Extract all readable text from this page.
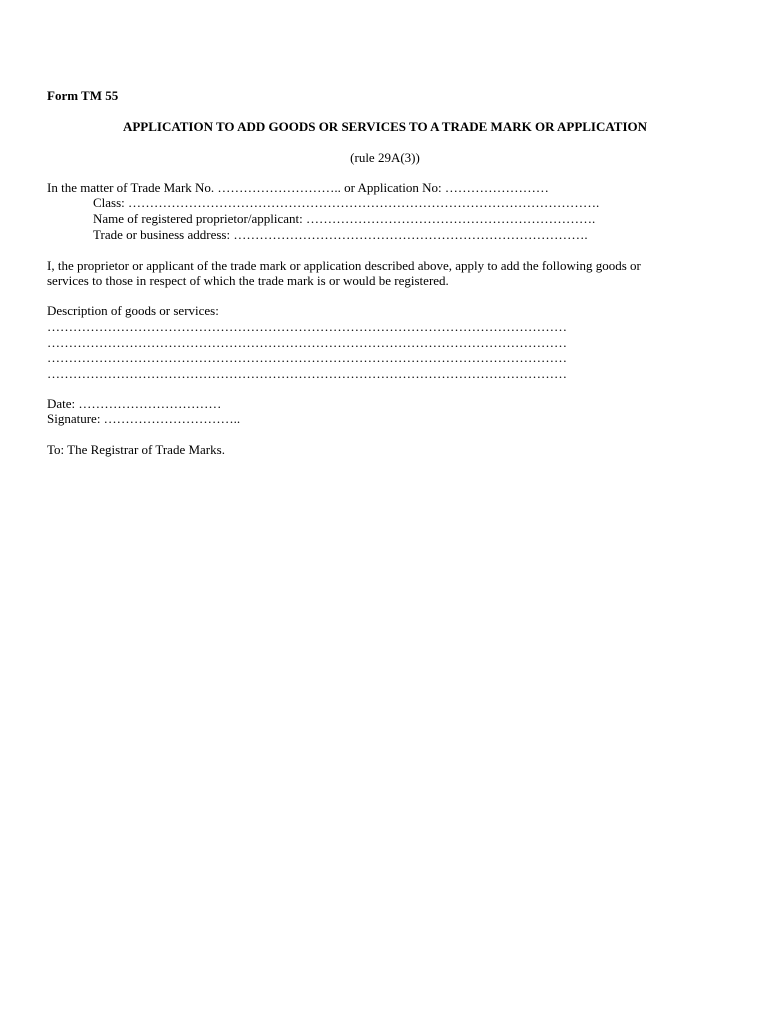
Form TM 55
APPLICATION TO ADD GOODS OR SERVICES TO A TRADE MARK OR APPLICATION
(rule 29A(3))
In the matter of Trade Mark No. ……………………….. or Application No: ……………………
Class: ……………………………………………………………………………………………….
Name of registered proprietor/applicant: ………………………………………………………….
Trade or business address: ……………………………………………………………………….
I, the proprietor or applicant of the trade mark or application described above, apply to add the following goods or
services to those in respect of which the trade mark is or would be registered.
Description of goods or services:
…………………………………………………………………………………………………………
…………………………………………………………………………………………………………
…………………………………………………………………………………………………………
…………………………………………………………………………………………………………
Date: ……………………………
Signature: …………………………..
To: The Registrar of Trade Marks.
